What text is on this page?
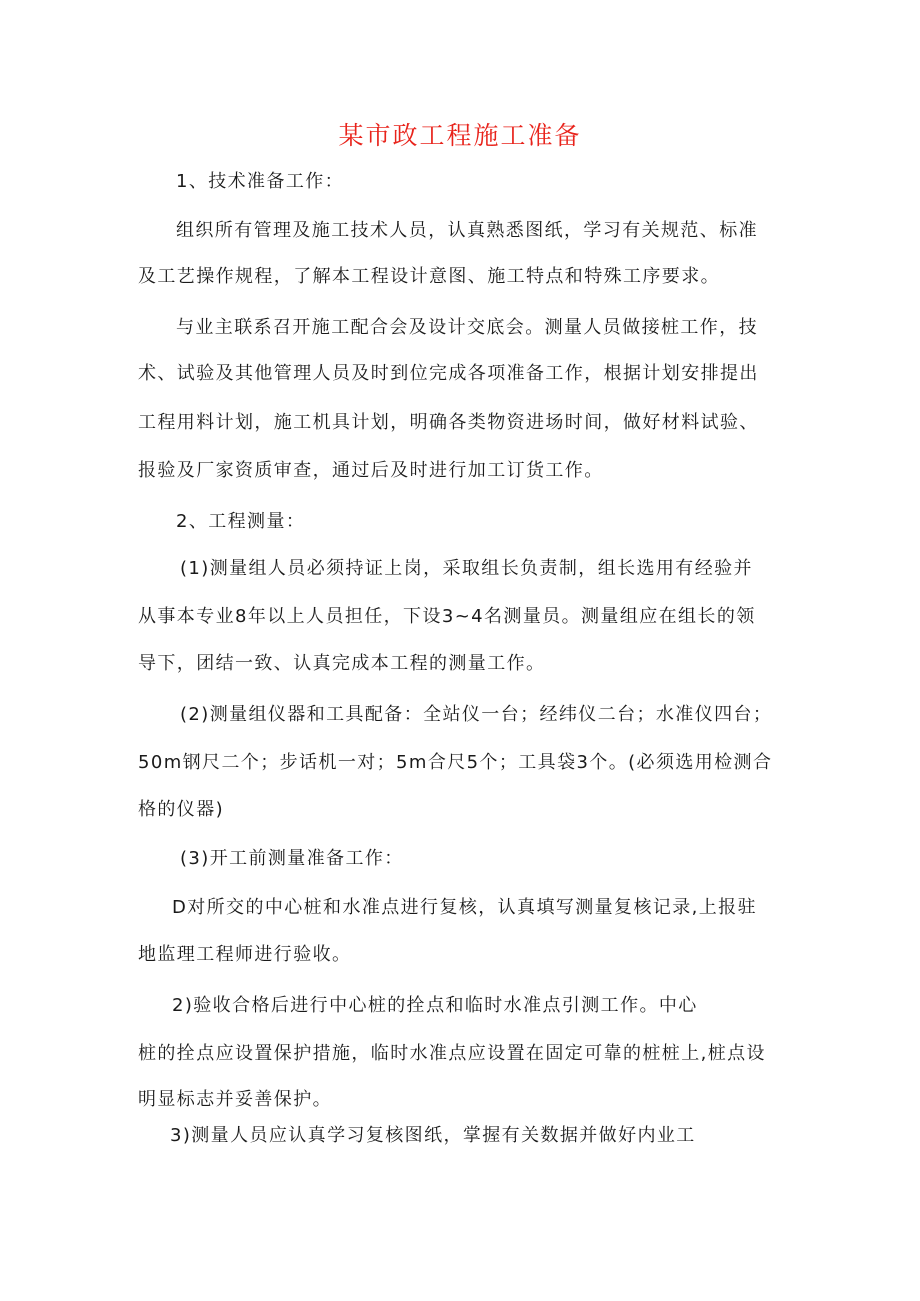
某市政工程施工准备

1、技术准备工作：

组织所有管理及施工技术人员，认真熟悉图纸，学习有关规范、标准

及工艺操作规程，了解本工程设计意图、施工特点和特殊工序要求。

与业主联系召开施工配合会及设计交底会。测量人员做接桩工作，技

术、试验及其他管理人员及时到位完成各项准备工作，根据计划安排提出

工程用料计划，施工机具计划，明确各类物资进场时间，做好材料试验、

报验及厂家资质审查，通过后及时进行加工订货工作。

2、工程测量：

(1)测量组人员必须持证上岗，采取组长负责制，组长选用有经验并

从事本专业8年以上人员担任，下设3~4名测量员。测量组应在组长的领

导下，团结一致、认真完成本工程的测量工作。

(2)测量组仪器和工具配备：全站仪一台；经纬仪二台；水准仪四台；

50m钢尺二个；步话机一对；5m合尺5个；工具袋3个。(必须选用检测合

格的仪器)

(3)开工前测量准备工作：

D对所交的中心桩和水准点进行复核，认真填写测量复核记录,上报驻

地监理工程师进行验收。

2)验收合格后进行中心桩的拴点和临时水准点引测工作。中心

桩的拴点应设置保护措施，临时水准点应设置在固定可靠的桩桩上,桩点设

明显标志并妥善保护。

3)测量人员应认真学习复核图纸，掌握有关数据并做好内业工
